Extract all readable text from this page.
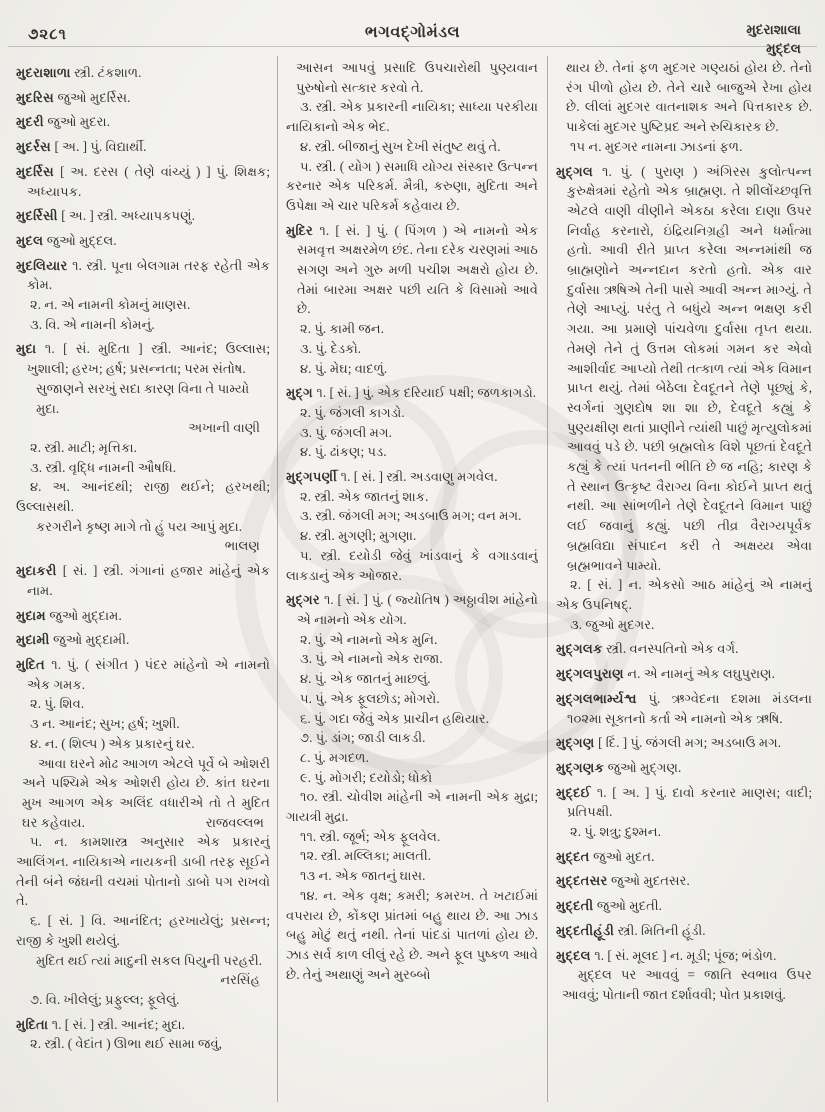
૭૨૮૧	ભગવદ્ગોમંડલ	મુદરાશાલા
મુદ્દલ

મુદરાશાળા સ્ત્રી. ટંકશાળ.

મુદરિસ જુઓ મુદર્રિસ.

મુદરી જુઓ મુદરા.

મુદર્રસ [ અ. ] પું. વિદ્યાર્થી.

મુદર્રિસ [ અ. દરસ ( તેણે વાંચ્યું ) ] પું. શિક્ષક; અધ્યાપક.

મુદર્રિસી [ અ. ] સ્ત્રી. અધ્યાપકપણું.

મુદલ જુઓ મુદ્દલ.

મુદલિયાર ૧. સ્ત્રી. પૂના બેલગામ તરફ રહેતી એક કોમ.

૨. ન. એ નામની કોમનું માણસ.

૩. વિ. એ નામની કોમનું.

મુદા ૧. [ સં. મુદિતા ] સ્ત્રી. આનંદ; ઉલ્લાસ; ખુશાલી; હરખ; હર્ષ; પ્રસન્નતા; પરમ સંતોષ.

સુજાણને સરખું સદા કારણ વિના તે પામ્યો મુદા.

અખાની વાણી

૨. સ્ત્રી. માટી; મૃત્તિકા.

૩. સ્ત્રી. વૃદ્ધિ નામની ઔષધિ.

૪. અ. આનંદથી; રાજી થઈને; હરખથી; ઉલ્લાસથી.

કરગરીને કૃષ્ણ માગે તો હું પય આપું મુદા.

ભાલણ

મુદાકરી [ સં. ] સ્ત્રી. ગંગાનાં હજાર માંહેનું એક નામ.

મુદામ જુઓ મુદ્દામ.

મુદામી જુઓ મુદ્દામી.

મુદિત ૧. પું. ( સંગીત ) પંદર માંહેનો એ નામનો એક ગમક.

૨. પું. શિવ.

૩ ન. આનંદ; સુખ; હર્ષ; ખુશી.

૪. ન. ( શિલ્પ ) એક પ્રકારનું ઘર.

આવા ઘરને મોઢ આગળ એટલે પૂર્વે બે ઓશરી અને પશ્ચિમે એક ઓશરી હોય છે. કાંત ઘરના મુખ આગળ એક અલિંદ વધારીએ તો તે મુદિત ઘર કહેવાય.	રાજવલ્લભ

૫. ન. કામશાસ્ત્ર અનુસાર એક પ્રકારનું આલિંગન. નાયિકાએ નાયકની ડાબી તરફ સૂઈને તેની બંને જંઘની વચમાં પોતાનો ડાબો પગ રાખવો તે.

૬. [ સં. ] વિ. આનંદિત; હરખાયેલું; પ્રસન્ન; રાજી કે ખુશી થયેલું.

મુદિત થઈ ત્યાં માદુની સકલ પિયુની પરહરી.

નરસિંહ

૭. વિ. ખીલેલું; પ્રફુલ્લ; ફૂલેલું.

મુદિતા ૧. [ સં. ] સ્ત્રી. આનંદ; મુદા.

૨. સ્ત્રી. ( વેદાંત ) ઊભા થઈ સામા જવું,

આસન આપવું પ્રસાદિ ઉપચારોથી પુણ્યવાન પુરુષોનો સત્કાર કરવો તે.

૩. સ્ત્રી. એક પ્રકારની નાયિકા; સાધ્યા પરકીયા નાયિકાનો એક ભેદ.

૪. સ્ત્રી. બીજાનું સુખ દેખી સંતુષ્ટ થવું તે.

૫. સ્ત્રી. ( યોગ ) સમાધિ યોગ્ય સંસ્કાર ઉત્પન્ન કરનાર એક પરિકર્મ. મૈત્રી, કરુણા, મુદિતા અને ઉપેક્ષા એ ચાર પરિકર્મ કહેવાય છે.

મુદિર ૧. [ સં. ] પું. ( પિંગળ ) એ નામનો એક સમવૃત્ત અક્ષરમેળ છંદ. તેના દરેક ચરણમાં આઠ સગણ અને ગુરુ મળી પચીશ અક્ષરો હોય છે. તેમાં બારમા અક્ષર પછી યતિ કે વિસામો આવે છે.

૨. પું. કામી જન.

૩. પું. દેડકો.

૪. પું. મેઘ; વાદળું.

મુદ્ગ ૧. [ સં. ] પું. એક દરિયાઈ પક્ષી; જળકાગડો.

૨. પું. જંગલી કાગડો.

૩. પું. જંગલી મગ.

૪. પું. ઢાંકણ; પડ.

મુદ્ગપર્ણી ૧. [ સં. ] સ્ત્રી. અડવાણુ મગવેલ.

૨. સ્ત્રી. એક જાતનું શાક.

૩. સ્ત્રી. જંગલી મગ; અડબાઉ મગ; વન મગ.

૪. સ્ત્રી. મુગણી; મુગણા.

૫. સ્ત્રી. દયોડી જેવું ખાંડવાનું કે વગાડવાનું લાકડાનું એક ઓજાર.

મુદ્ગર ૧. [ સં. ] પું. ( જ્યોતિષ ) અઠ્ઠાવીશ માંહેનો એ નામનો એક યોગ.

૨. પું. એ નામનો એક મુનિ.

૩. પું. એ નામનો એક રાજા.

૪. પું. એક જાતનું માછલું.

૫. પું. એક ફૂલછોડ; મોગરો.

૬. પું. ગદા જેવું એક પ્રાચીન હથિયાર.

૭. પું. ડાંગ; જાડી લાકડી.

૮. પું. મગદળ.

૯. પું. મોગરી; દયોડો; ધોકો

૧૦. સ્ત્રી. ચોવીશ માંહેની એ નામની એક મુદ્રા; ગાયત્રી મુદ્રા.

૧૧. સ્ત્રી. જૂર્ભ; એક ફૂલવેલ.

૧૨. સ્ત્રી. મલ્લિકા; માલતી.

૧૩ ન. એક જાતનું ઘાસ.

૧૪. ન. એક વૃક્ષ; કમરી; કમરખ. તે ખટાઈમાં વપરાય છે, કોંકણ પ્રાંતમાં બહુ થાય છે. આ ઝાડ બહુ મોટું થતું નથી. તેનાં પાંદડાં પાતળાં હોય છે. ઝાડ સર્વ કાળ લીલું રહે છે. અને ફૂલ પુષ્કળ આવે છે. તેનું અથાણું અને મુરબ્બો

થાય છે. તેનાં ફળ મુદગર ગણ્યઠાં હોય છે. તેનો રંગ પીળો હોય છે. તેને ચારે બાજુએ રેખા હોય છે. લીલાં મુદગર વાતનાશક અને પિત્તકારક છે. પાકેલાં મુદગર પુષ્ટિપ્રદ અને રુચિકારક છે.

૧૫ ન. મુદગર નામના ઝાડનાં ફળ.

મુદ્ગલ ૧. પું. ( પુરાણ ) અંગિરસ કુલોત્પન્ન કુરુક્ષેત્રમાં રહેતો એક બ્રાહ્મણ. તે શીલોંચ્છવૃત્તિ એટલે વાણી વીણીને એકઠા કરેલા દાણા ઉપર નિર્વાહ કરનારો, ઇંદ્રિયનિગ્રહી અને ધર્માત્મા હતો. આવી રીતે પ્રાપ્ત કરેલા અન્નમાંથી જ બ્રાહ્મણોને અન્નદાન કરતો હતો. એક વાર દુર્વાસા ઋષિએ તેની પાસે આવી અન્ન માગ્યું. તે તેણે આપ્યું. પરંતુ તે બધુંયે અન્ન ભક્ષણ કરી ગયા. આ પ્રમાણે પાંચવેળા દુર્વાસા તૃપ્ત થયા. તેમણે તેને તું ઉત્તમ લોકમાં ગમન કર એવો આશીર્વાદ આપ્યો તેથી તત્કાળ ત્યાં એક વિમાન પ્રાપ્ત થયું. તેમાં બેઠેલા દેવદૂતને તેણે પૂછ્યું કે, સ્વર્ગનાં ગુણદોષ શા શા છે, દેવદૂતે કહ્યું કે પુણ્યક્ષીણ થતાં પ્રાણીને ત્યાંથી પાછું મૃત્યુલોકમાં આવવું પડે છે. પછી બ્રહ્મલોક વિશે પૂછતાં દેવદૂતે કહ્યું કે ત્યાં પતનની ભીતિ છે જ નહિ; કારણ કે તે સ્થાન ઉત્કૃષ્ટ વૈરાગ્ય વિના કોઈને પ્રાપ્ત થતું નથી. આ સાંભળીને તેણે દેવદૂતને વિમાન પાછું લઈ જવાનું કહ્યું. પછી તીવ્ર વૈરાગ્યપૂર્વક બ્રહ્મવિદ્યા સંપાદન કરી તે અક્ષય્ય એવા બ્રહ્મભાવને પામ્યો.

૨. [ સં. ] ન. એકસો આઠ માંહેનું એ નામનું એક ઉપનિષદ્.

૩. જુઓ મુદગર.

મુદ્ગલક સ્ત્રી. વનસ્પતિનો એક વર્ગ.

મુદ્ગલપુરાણ ન. એ નામનું એક લઘુપુરાણ.

મુદ્ગલભાર્મ્યશ્વ પું. ઋગ્વેદના દશમા મંડલના ૧૦૨મા સૂક્તનો કર્તા એ નામનો એક ઋષિ.

મુદ્ગણ [ દિં. ] પું. જંગલી મગ; અડબાઉ મગ.

મુદ્ગણક જુઓ મુદ્ગણ.

મુદ્દઈ ૧. [ અ. ] પું. દાવો કરનાર માણસ; વાદી; પ્રતિપક્ષી.

૨. પું. શત્રુ; દુશ્મન.

મુદ્દત જુઓ મુદત.

મુદ્દતસર જુઓ મુદતસર.

મુદ્દતી જુઓ મુદતી.

મુદ્દતીહૂંડી સ્ત્રી. મિતિની હૂંડી.

મુદ્દલ ૧. [ સં. મૂલદ ] ન. મૂડી; પૂંજ; ભંડોળ.

મુદ્દલ પર આવવું = જાતિ સ્વભાવ ઉપર આવવું; પોતાની જાત દર્શાવવી; પોત પ્રકાશવું.
